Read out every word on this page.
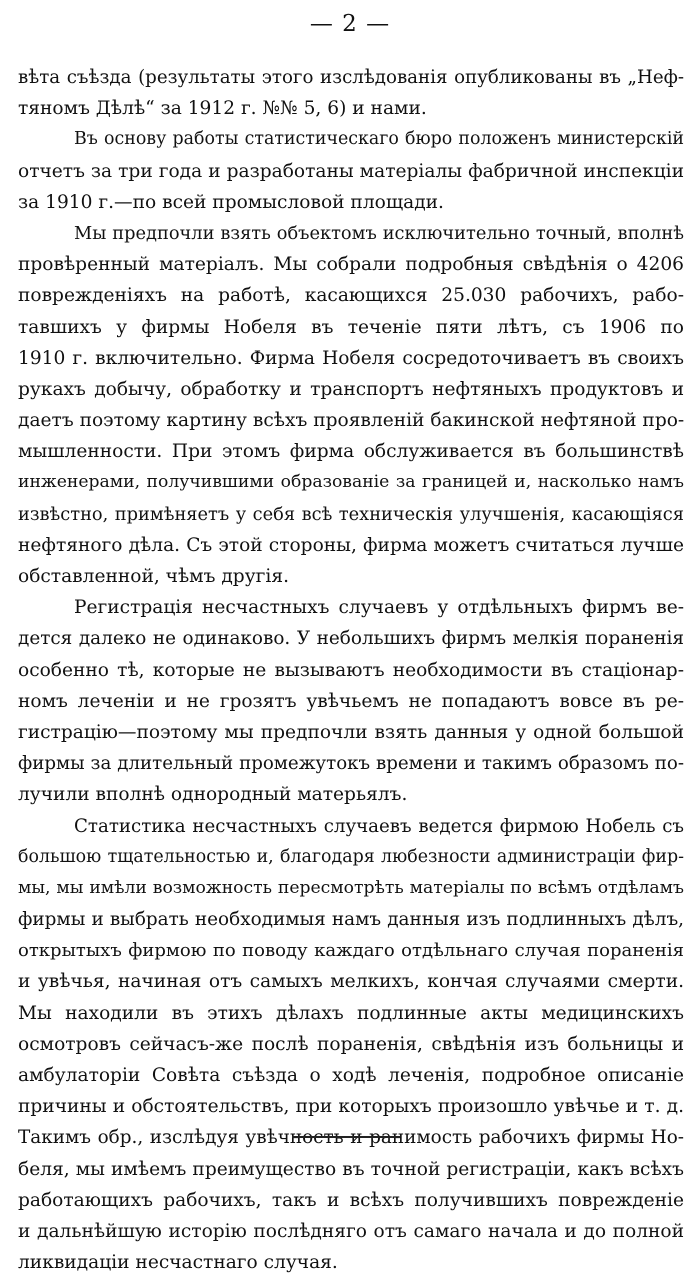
— 2 —
вѣта съѣзда (результаты этого изслѣдованія опубликованы въ „Неф-
тяномъ Дѣлѣ“ за 1912 г. №№ 5, 6) и нами.
Въ основу работы статистическаго бюро положенъ министерскій
отчетъ за три года и разработаны матеріалы фабричной инспекціи
за 1910 г.—по всей промысловой площади.
Мы предпочли взять объектомъ исключительно точный, вполнѣ
провѣренный матеріалъ. Мы собрали подробныя свѣдѣнія о 4206
поврежденіяхъ на работѣ, касающихся 25.030 рабочихъ, рабо-
тавшихъ у фирмы Нобеля въ теченіе пяти лѣтъ, съ 1906 по
1910 г. включительно. Фирма Нобеля сосредоточиваетъ въ своихъ
рукахъ добычу, обработку и транспортъ нефтяныхъ продуктовъ и
даетъ поэтому картину всѣхъ проявленій бакинской нефтяной про-
мышленности. При этомъ фирма обслуживается въ большинствѣ
инженерами, получившими образованіе за границей и, насколько намъ
извѣстно, примѣняетъ у себя всѣ техническія улучшенія, касающіяся
нефтяного дѣла. Съ этой стороны, фирма можетъ считаться лучше
обставленной, чѣмъ другія.
Регистрація несчастныхъ случаевъ у отдѣльныхъ фирмъ ве-
дется далеко не одинаково. У небольшихъ фирмъ мелкія пораненія
особенно тѣ, которые не вызываютъ необходимости въ стаціонар-
номъ леченіи и не грозятъ увѣчьемъ не попадаютъ вовсе въ ре-
гистрацію—поэтому мы предпочли взять данныя у одной большой
фирмы за длительный промежутокъ времени и такимъ образомъ по-
лучили вполнѣ однородный матерьялъ.
Статистика несчастныхъ случаевъ ведется фирмою Нобель съ
большою тщательностью и, благодаря любезности администраціи фир-
мы, мы имѣли возможность пересмотрѣть матеріалы по всѣмъ отдѣламъ
фирмы и выбрать необходимыя намъ данныя изъ подлинныхъ дѣлъ,
открытыхъ фирмою по поводу каждаго отдѣльнаго случая пораненія
и увѣчья, начиная отъ самыхъ мелкихъ, кончая случаями смерти.
Мы находили въ этихъ дѣлахъ подлинные акты медицинскихъ
осмотровъ сейчасъ-же послѣ пораненія, свѣдѣнія изъ больницы и
амбулаторіи Совѣта съѣзда о ходѣ леченія, подробное описаніе
причины и обстоятельствъ, при которыхъ произошло увѣчье и т. д.
Такимъ обр., изслѣдуя увѣчность и ранимость рабочихъ фирмы Но-
беля, мы имѣемъ преимущество въ точной регистраціи, какъ всѣхъ
работающихъ рабочихъ, такъ и всѣхъ получившихъ поврежденіе
и дальнѣйшую исторію послѣдняго отъ самаго начала и до полной
ликвидаціи несчастнаго случая.
